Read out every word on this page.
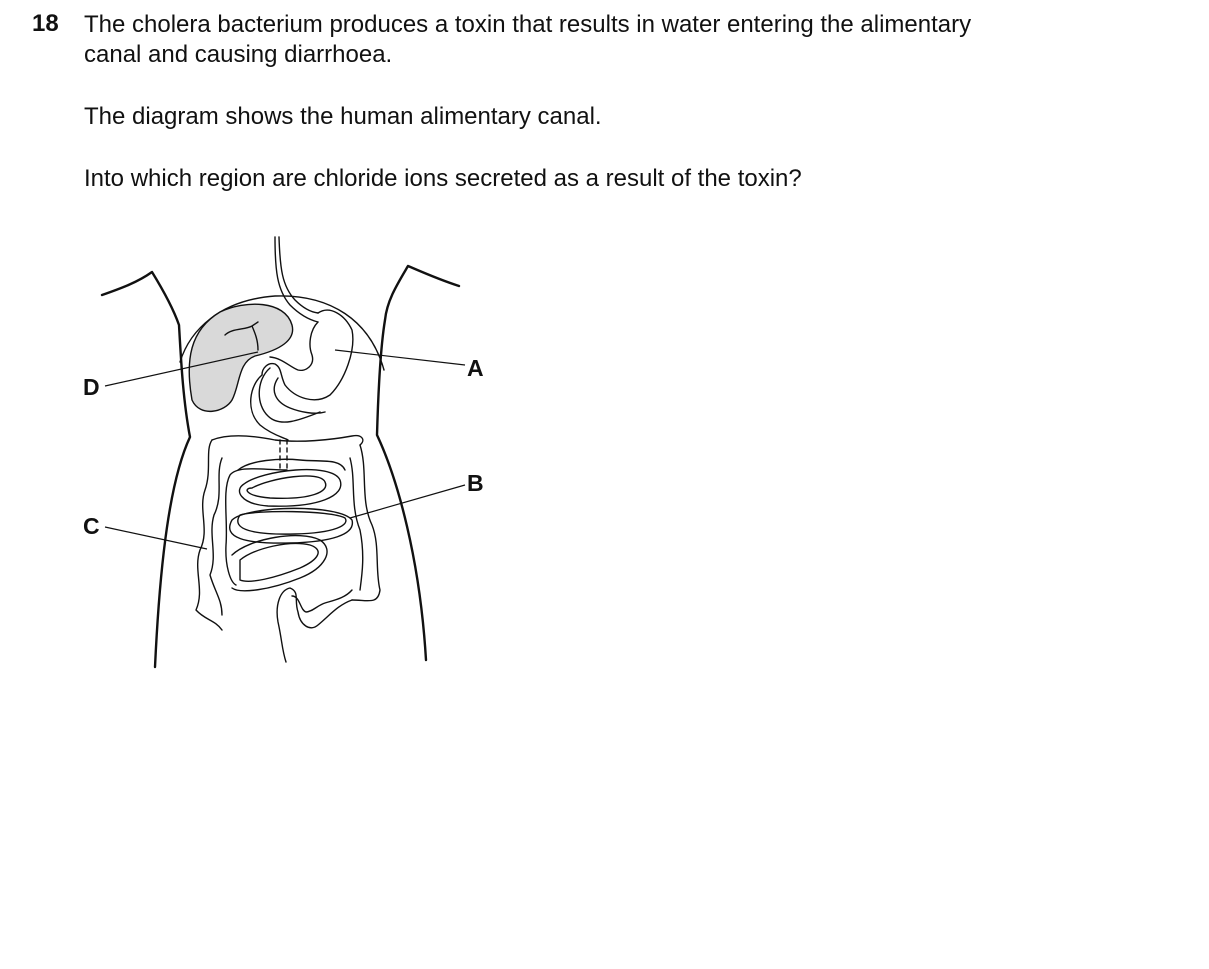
18 The cholera bacterium produces a toxin that results in water entering the alimentary
canal and causing diarrhoea.
The diagram shows the human alimentary canal.
Into which region are chloride ions secreted as a result of the toxin?
A
B
C
D
